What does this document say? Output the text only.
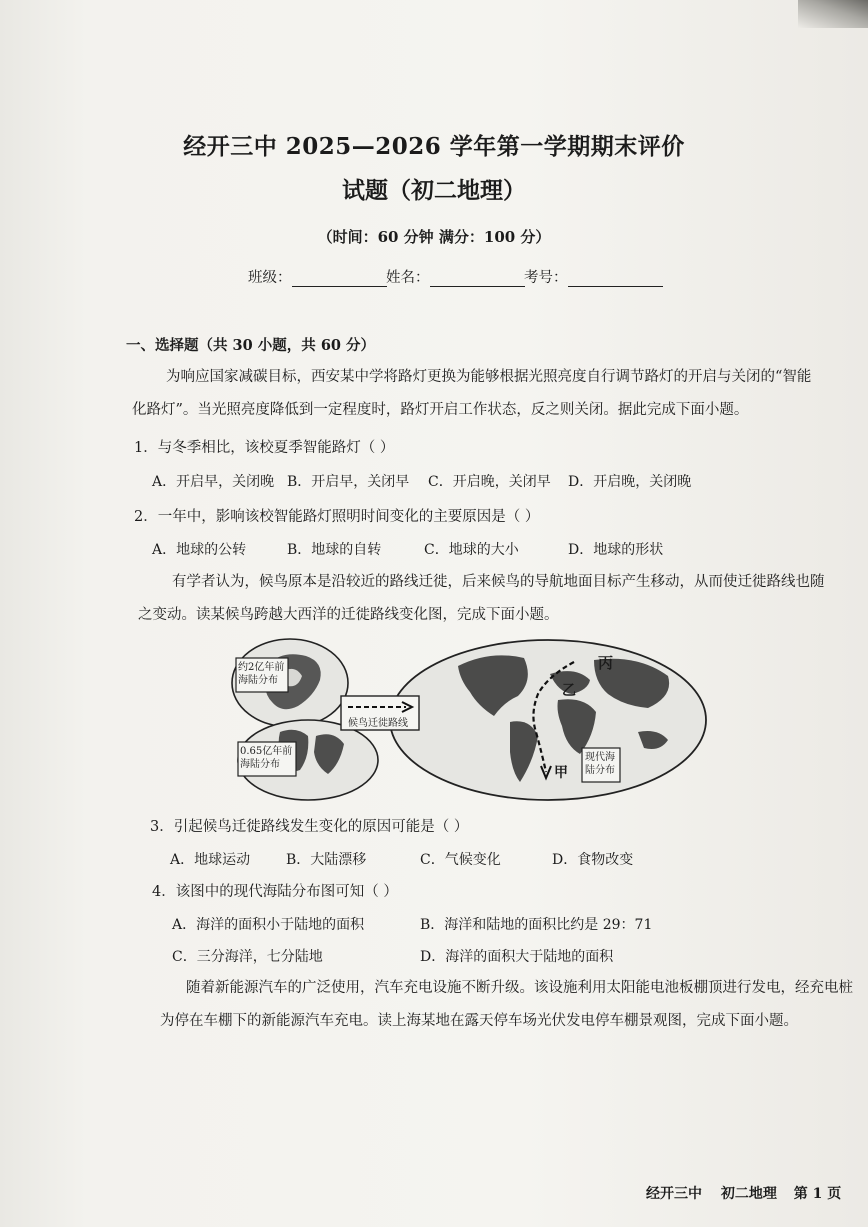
经开三中 2025—2026 学年第一学期期末评价
试题（初二地理）
（时间：60 分钟 满分：100 分）
班级：	姓名：	考号：
一、选择题（共 30 小题，共 60 分）
为响应国家减碳目标，西安某中学将路灯更换为能够根据光照亮度自行调节路灯的开启与关闭的“智能
化路灯”。当光照亮度降低到一定程度时，路灯开启工作状态，反之则关闭。据此完成下面小题。
1．与冬季相比，该校夏季智能路灯（ ）
A．开启早，关闭晚 B．开启早，关闭早 C．开启晚，关闭早 D．开启晚，关闭晚
2．一年中，影响该校智能路灯照明时间变化的主要原因是（ ）
A．地球的公转	B．地球的自转	C．地球的大小	D．地球的形状
有学者认为，候鸟原本是沿较近的路线迁徙，后来候鸟的导航地面目标产生移动，从而使迁徙路线也随
之变动。读某候鸟跨越大西洋的迁徙路线变化图，完成下面小题。
约2亿年前海陆分布
0.65亿年前海陆分布
候鸟迁徙路线
现代海陆分布
丙
乙
甲
3．引起候鸟迁徙路线发生变化的原因可能是（ ）
A．地球运动	B．大陆漂移	C．气候变化	D．食物改变
4．该图中的现代海陆分布图可知（ ）
A．海洋的面积小于陆地的面积	B．海洋和陆地的面积比约是 29：71
C．三分海洋，七分陆地	D．海洋的面积大于陆地的面积
随着新能源汽车的广泛使用，汽车充电设施不断升级。该设施利用太阳能电池板棚顶进行发电，经充电桩
为停在车棚下的新能源汽车充电。读上海某地在露天停车场光伏发电停车棚景观图，完成下面小题。
经开三中 初二地理 第 1 页
